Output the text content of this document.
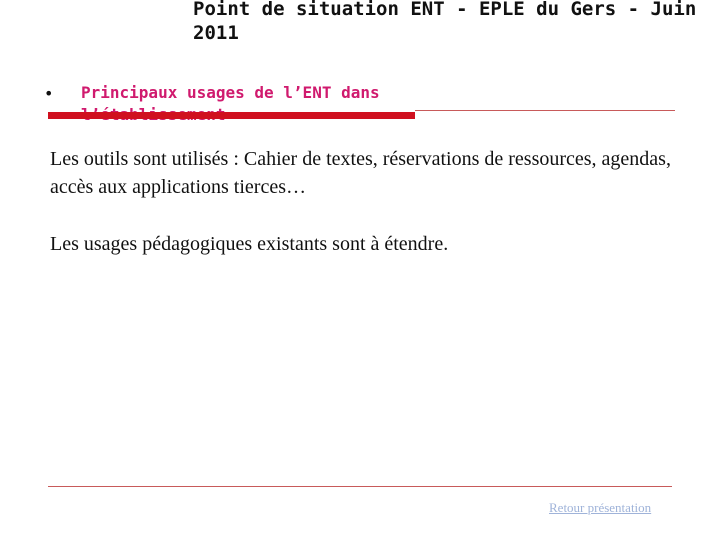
Point de situation ENT - EPLE du Gers - Juin 2011
• Principaux usages de l’ENT dans

Les outils sont utilisés : Cahier de textes, réservations de ressources, agendas, accès aux applications tierces…

Les usages pédagogiques existants sont à étendre.

Retour présentation
